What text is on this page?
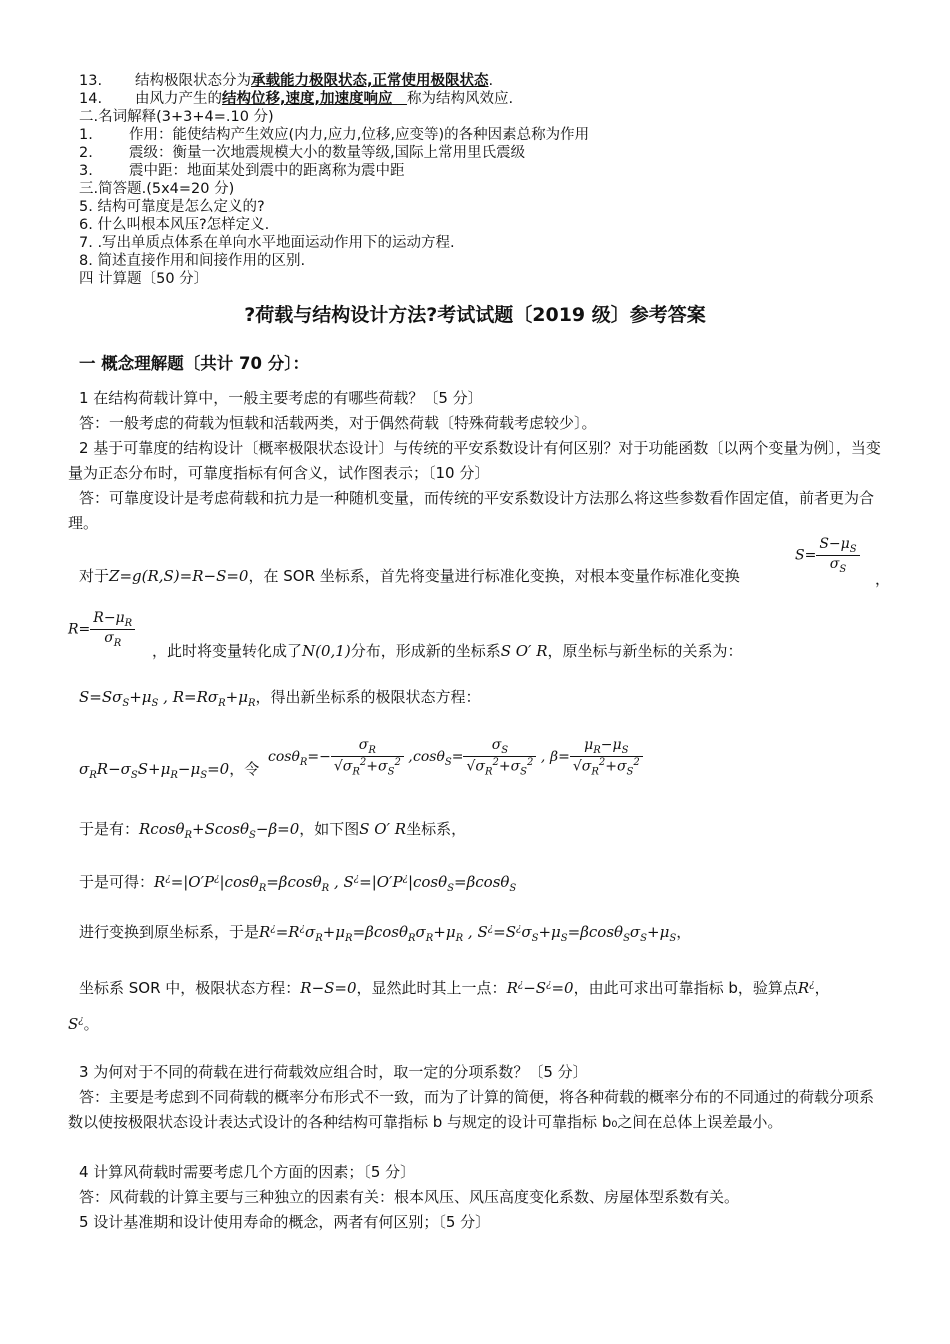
13. 结构极限状态分为承载能力极限状态,正常使用极限状态.
14. 由风力产生的结构位移,速度,加速度响应  称为结构风效应.
二.名词解释(3+3+4=.10 分)
1. 作用：能使结构产生效应(内力,应力,位移,应变等)的各种因素总称为作用
2. 震级：衡量一次地震规模大小的数量等级,国际上常用里氏震级
3. 震中距：地面某处到震中的距离称为震中距
三.简答题.(5x4=20 分)
5. 结构可靠度是怎么定义的?
6. 什么叫根本风压?怎样定义.
7. .写出单质点体系在单向水平地面运动作用下的运动方程.
8. 简述直接作用和间接作用的区别.
四 计算题〔50 分〕
?荷载与结构设计方法?考试试题〔2019 级〕参考答案
一 概念理解题〔共计 70 分〕：
1 在结构荷载计算中，一般主要考虑的有哪些荷载？〔5 分〕
答：一般考虑的荷载为恒载和活载两类，对于偶然荷载〔特殊荷载考虑较少〕。
2 基于可靠度的结构设计〔概率极限状态设计〕与传统的平安系数设计有何区别？对于功能函数〔以两个变量为例〕，当变量为正态分布时，可靠度指标有何含义，试作图表示；〔10 分〕
答：可靠度设计是考虑荷载和抗力是一种随机变量，而传统的平安系数设计方法那么将这些参数看作固定值，前者更为合理。
对于Z=g(R,S)=R−S=0，在 SOR 坐标系，首先将变量进行标准化变换，对根本变量作标准化变换
$S= \frac{S-\mu_S}{\sigma_S}$
，
$R= \frac{R-\mu_R}{\sigma_R}$
，此时将变量转化成了N(0,1)分布，形成新的坐标系S O′ R，原坐标与新坐标的关系为：
$S=S\sigma_S+\mu_S$ , $R=R\sigma_R+\mu_R$，得出新坐标系的极限状态方程：
$\sigma_RR-\sigma_SS+\mu_R-\mu_S=0$，令
$\cos\theta_R=- \frac{\sigma_R}{√\sigma_R^2+\sigma_S^2}$ , $\cos\theta_S= \frac{\sigma_S}{√\sigma_R^2+\sigma_S^2}$ , $\beta= \frac{\mu_R-\mu_S}{√\sigma_R^2+\sigma_S^2}$
于是有：Rcosθ$_R$+Scosθ$_S$−β=0，如下图S O′ R坐标系，
于是可得：R¿=|O′P¿|cosθ$_R$=βcosθ$_R$ , S¿=|O′P¿|cosθ$_S$=βcosθ$_S$
进行变换到原坐标系，于是$R^¿=R^¿\sigma_R+\mu_R=\beta\cos\theta_R\sigma_R+\mu_R$ , $S^¿=S^¿\sigma_S+\mu_S=\beta\cos\theta_S\sigma_S+\mu_S$，
坐标系 SOR 中，极限状态方程：R−S=0，显然此时其上一点：R¿−S¿=0，由此可求出可靠指标 b，验算点R¿，
S¿。
3 为何对于不同的荷载在进行荷载效应组合时，取一定的分项系数？〔5 分〕
答：主要是考虑到不同荷载的概率分布形式不一致，而为了计算的简便，将各种荷载的概率分布的不同通过的荷载分项系数以使按极限状态设计表达式设计的各种结构可靠指标 b 与规定的设计可靠指标 b₀之间在总体上误差最小。
4 计算风荷载时需要考虑几个方面的因素；〔5 分〕
答：风荷载的计算主要与三种独立的因素有关：根本风压、风压高度变化系数、房屋体型系数有关。
5 设计基准期和设计使用寿命的概念，两者有何区别；〔5 分〕
